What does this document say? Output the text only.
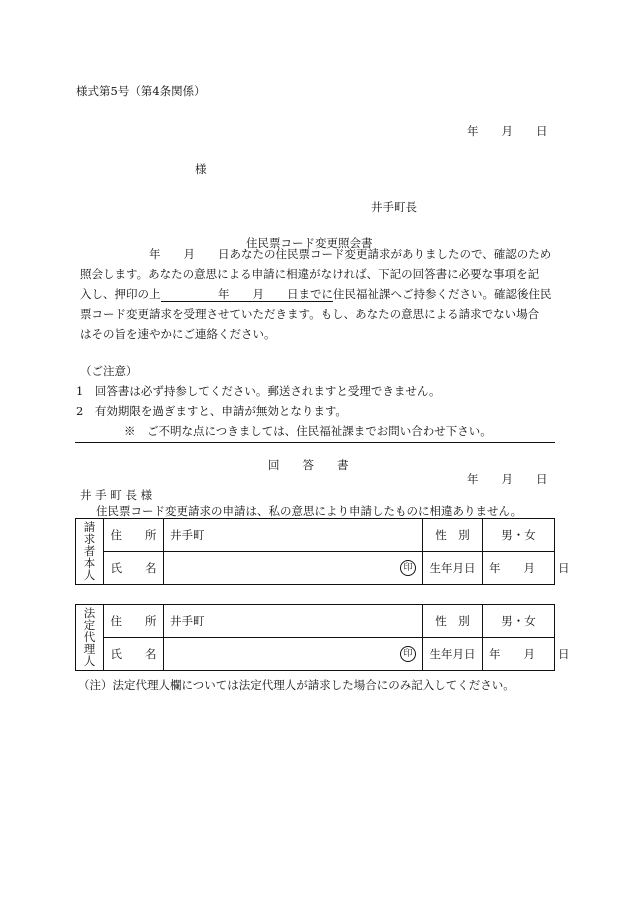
様式第5号（第4条関係）
年　　月　　日
様
井手町長
住民票コード変更照会書
　　　　　　年　　月　　日あなたの住民票コード変更請求がありましたので、確認のため
照会します。あなたの意思による申請に相違がなければ、下記の回答書に必要な事項を記
入し、押印の上　　　　　年　　月　　日までに住民福祉課へご持参ください。確認後住民
票コード変更請求を受理させていただきます。もし、あなたの意思による請求でない場合
はその旨を速やかにご連絡ください。
（ご注意）
1　回答書は必ず持参してください。郵送されますと受理できません。
2　有効期限を過ぎますと、申請が無効となります。
※　ご不明な点につきましては、住民福祉課までお問い合わせ下さい。
回　　答　　書
年　　月　　日
井 手 町 長 様
住民票コード変更請求の申請は、私の意思により申請したものに相違ありません。
請求者本人	住　　所	井手町	性　別	男・女
	氏　　名	印	生年月日	年　　月　　日
法定代理人	住　　所	井手町	性　別	男・女
	氏　　名	印	生年月日	年　　月　　日
（注）法定代理人欄については法定代理人が請求した場合にのみ記入してください。
